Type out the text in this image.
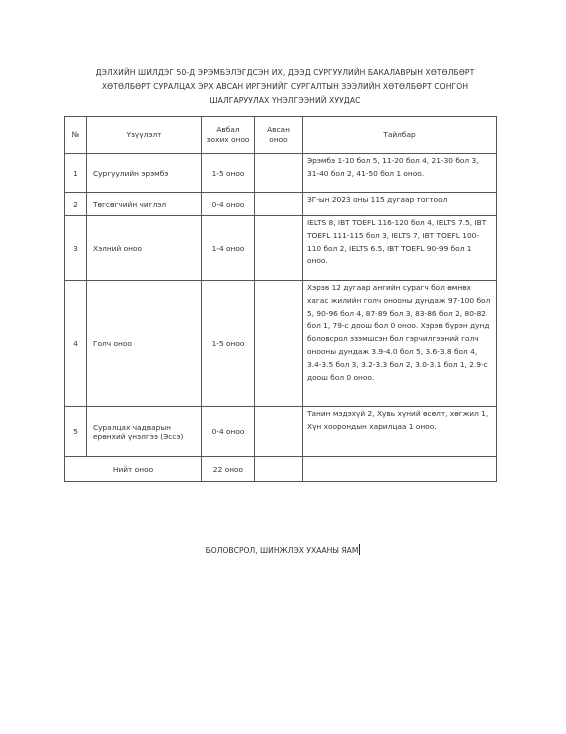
ДЭЛХИЙН ШИЛДЭГ 50-Д ЭРЭМБЭЛЭГДСЭН ИХ, ДЭЭД СУРГУУЛИЙН БАКАЛАВРЫН ХӨТӨЛБӨРТ
ХӨТӨЛБӨРТ СУРАЛЦАХ ЭРХ АВСАН ИРГЭНИЙГ СУРГАЛТЫН ЗЭЭЛИЙН ХӨТӨЛБӨРТ СОНГОН
ШАЛГАРУУЛАХ ҮНЭЛГЭЭНИЙ ХУУДАС
№	Үзүүлэлт	Авбал зохих оноо	Авсан оноо	Тайлбар
1	Сургуулийн эрэмбэ	1-5 оноо		Эрэмбэ 1-10 бол 5, 11-20 бол 4, 21-30 бол 3, 31-40 бол 2, 41-50 бол 1 оноо.
2	Төгсөгчийн чиглэл	0-4 оноо		ЗГ-ын 2023 оны 115 дугаар тогтоол
3	Хэлний оноо	1-4 оноо		IELTS 8, IBT TOEFL 116-120 бол 4, IELTS 7.5, IBT TOEFL 111-115 бол 3, IELTS 7, IBT TOEFL 100-110 бол 2, IELTS 6.5, IBT TOEFL 90-99 бол 1 оноо.
4	Голч оноо	1-5 оноо		Хэрэв 12 дугаар ангийн сурагч бол өмнөх хагас жилийн голч онооны дундаж 97-100 бол 5, 90-96 бол 4, 87-89 бол 3, 83-86 бол 2, 80-82 бол 1, 79-с доош бол 0 оноо. Хэрэв бүрэн дунд боловсрол эзэмшсэн бол гэрчилгээний голч онооны дундаж 3.9-4.0 бол 5, 3.6-3.8 бол 4, 3.4-3.5 бол 3, 3.2-3.3 бол 2, 3.0-3.1 бол 1, 2.9-с доош бол 0 оноо.
5	Суралцах чадварын ерөнхий үнэлгээ (Эссэ)	0-4 оноо		Танин мэдэхүй 2, Хувь хүний өсөлт, хөгжил 1, Хүн хоорондын харилцаа 1 оноо.
Нийт оноо		22 оноо		
БОЛОВСРОЛ, ШИНЖЛЭХ УХААНЫ ЯАМ
